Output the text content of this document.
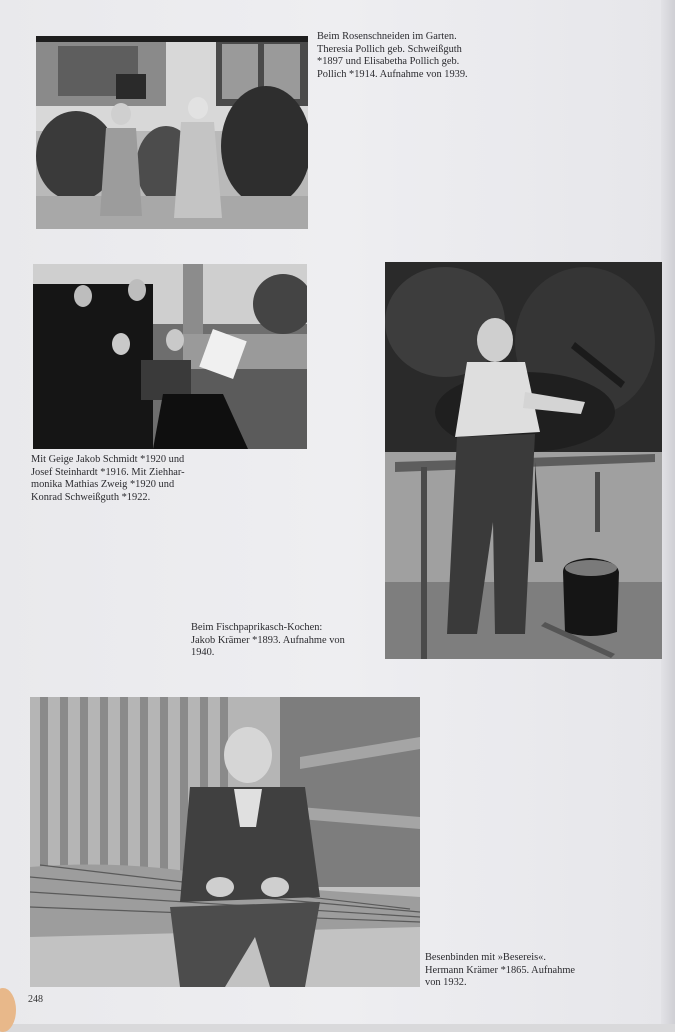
Beim Rosenschneiden im Garten.
Theresia Pollich geb. Schweißguth
*1897 und Elisabetha Pollich geb.
Pollich *1914. Aufnahme von 1939.

Mit Geige Jakob Schmidt *1920 und
Josef Steinhardt *1916. Mit Ziehhar-
monika Mathias Zweig *1920 und
Konrad Schweißguth *1922.

Beim Fischpaprikasch-Kochen:
Jakob Krämer *1893. Aufnahme von
1940.

Besenbinden mit »Besereis«.
Hermann Krämer *1865. Aufnahme
von 1932.

248
